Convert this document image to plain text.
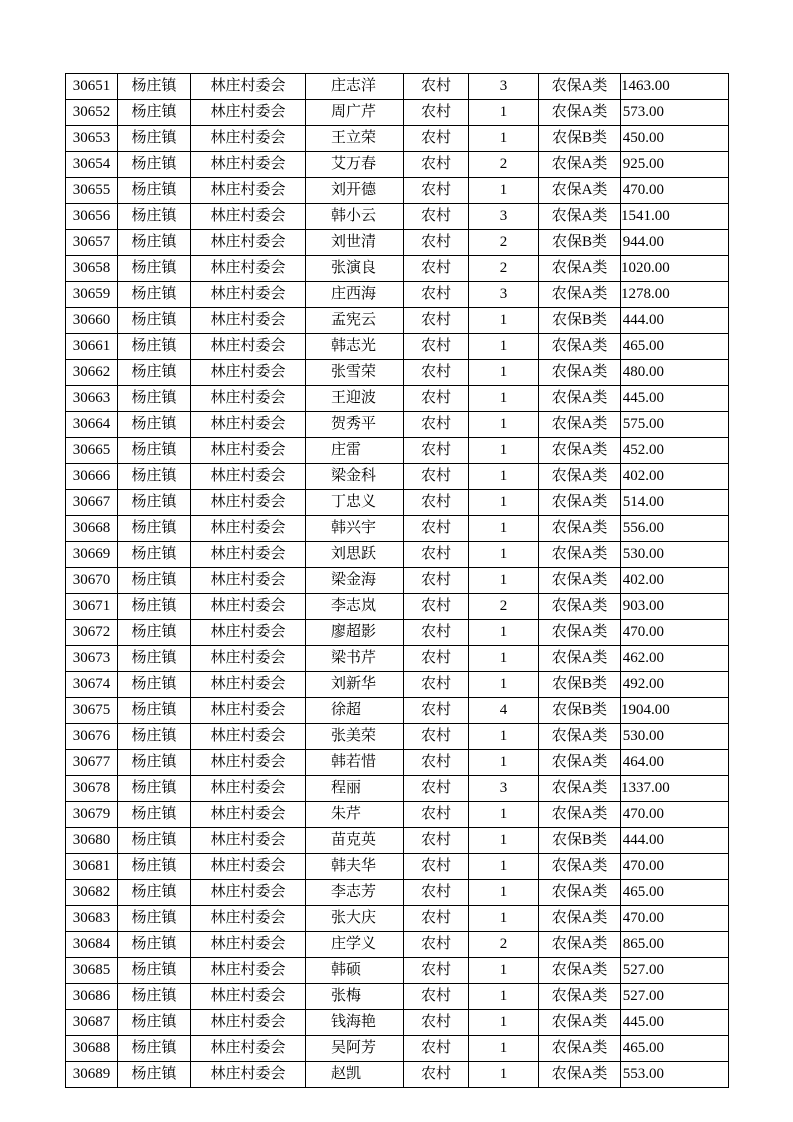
30651	杨庄镇	林庄村委会	庄志洋	农村	3	农保A类	1463.00
30652	杨庄镇	林庄村委会	周广芹	农村	1	农保A类	573.00
30653	杨庄镇	林庄村委会	王立荣	农村	1	农保B类	450.00
30654	杨庄镇	林庄村委会	艾万春	农村	2	农保A类	925.00
30655	杨庄镇	林庄村委会	刘开德	农村	1	农保A类	470.00
30656	杨庄镇	林庄村委会	韩小云	农村	3	农保A类	1541.00
30657	杨庄镇	林庄村委会	刘世清	农村	2	农保B类	944.00
30658	杨庄镇	林庄村委会	张演良	农村	2	农保A类	1020.00
30659	杨庄镇	林庄村委会	庄西海	农村	3	农保A类	1278.00
30660	杨庄镇	林庄村委会	孟宪云	农村	1	农保B类	444.00
30661	杨庄镇	林庄村委会	韩志光	农村	1	农保A类	465.00
30662	杨庄镇	林庄村委会	张雪荣	农村	1	农保A类	480.00
30663	杨庄镇	林庄村委会	王迎波	农村	1	农保A类	445.00
30664	杨庄镇	林庄村委会	贺秀平	农村	1	农保A类	575.00
30665	杨庄镇	林庄村委会	庄雷	农村	1	农保A类	452.00
30666	杨庄镇	林庄村委会	梁金科	农村	1	农保A类	402.00
30667	杨庄镇	林庄村委会	丁忠义	农村	1	农保A类	514.00
30668	杨庄镇	林庄村委会	韩兴宇	农村	1	农保A类	556.00
30669	杨庄镇	林庄村委会	刘思跃	农村	1	农保A类	530.00
30670	杨庄镇	林庄村委会	梁金海	农村	1	农保A类	402.00
30671	杨庄镇	林庄村委会	李志岚	农村	2	农保A类	903.00
30672	杨庄镇	林庄村委会	廖超影	农村	1	农保A类	470.00
30673	杨庄镇	林庄村委会	梁书芹	农村	1	农保A类	462.00
30674	杨庄镇	林庄村委会	刘新华	农村	1	农保B类	492.00
30675	杨庄镇	林庄村委会	徐超	农村	4	农保B类	1904.00
30676	杨庄镇	林庄村委会	张美荣	农村	1	农保A类	530.00
30677	杨庄镇	林庄村委会	韩若惜	农村	1	农保A类	464.00
30678	杨庄镇	林庄村委会	程丽	农村	3	农保A类	1337.00
30679	杨庄镇	林庄村委会	朱芹	农村	1	农保A类	470.00
30680	杨庄镇	林庄村委会	苗克英	农村	1	农保B类	444.00
30681	杨庄镇	林庄村委会	韩夫华	农村	1	农保A类	470.00
30682	杨庄镇	林庄村委会	李志芳	农村	1	农保A类	465.00
30683	杨庄镇	林庄村委会	张大庆	农村	1	农保A类	470.00
30684	杨庄镇	林庄村委会	庄学义	农村	2	农保A类	865.00
30685	杨庄镇	林庄村委会	韩硕	农村	1	农保A类	527.00
30686	杨庄镇	林庄村委会	张梅	农村	1	农保A类	527.00
30687	杨庄镇	林庄村委会	钱海艳	农村	1	农保A类	445.00
30688	杨庄镇	林庄村委会	吴阿芳	农村	1	农保A类	465.00
30689	杨庄镇	林庄村委会	赵凯	农村	1	农保A类	553.00
